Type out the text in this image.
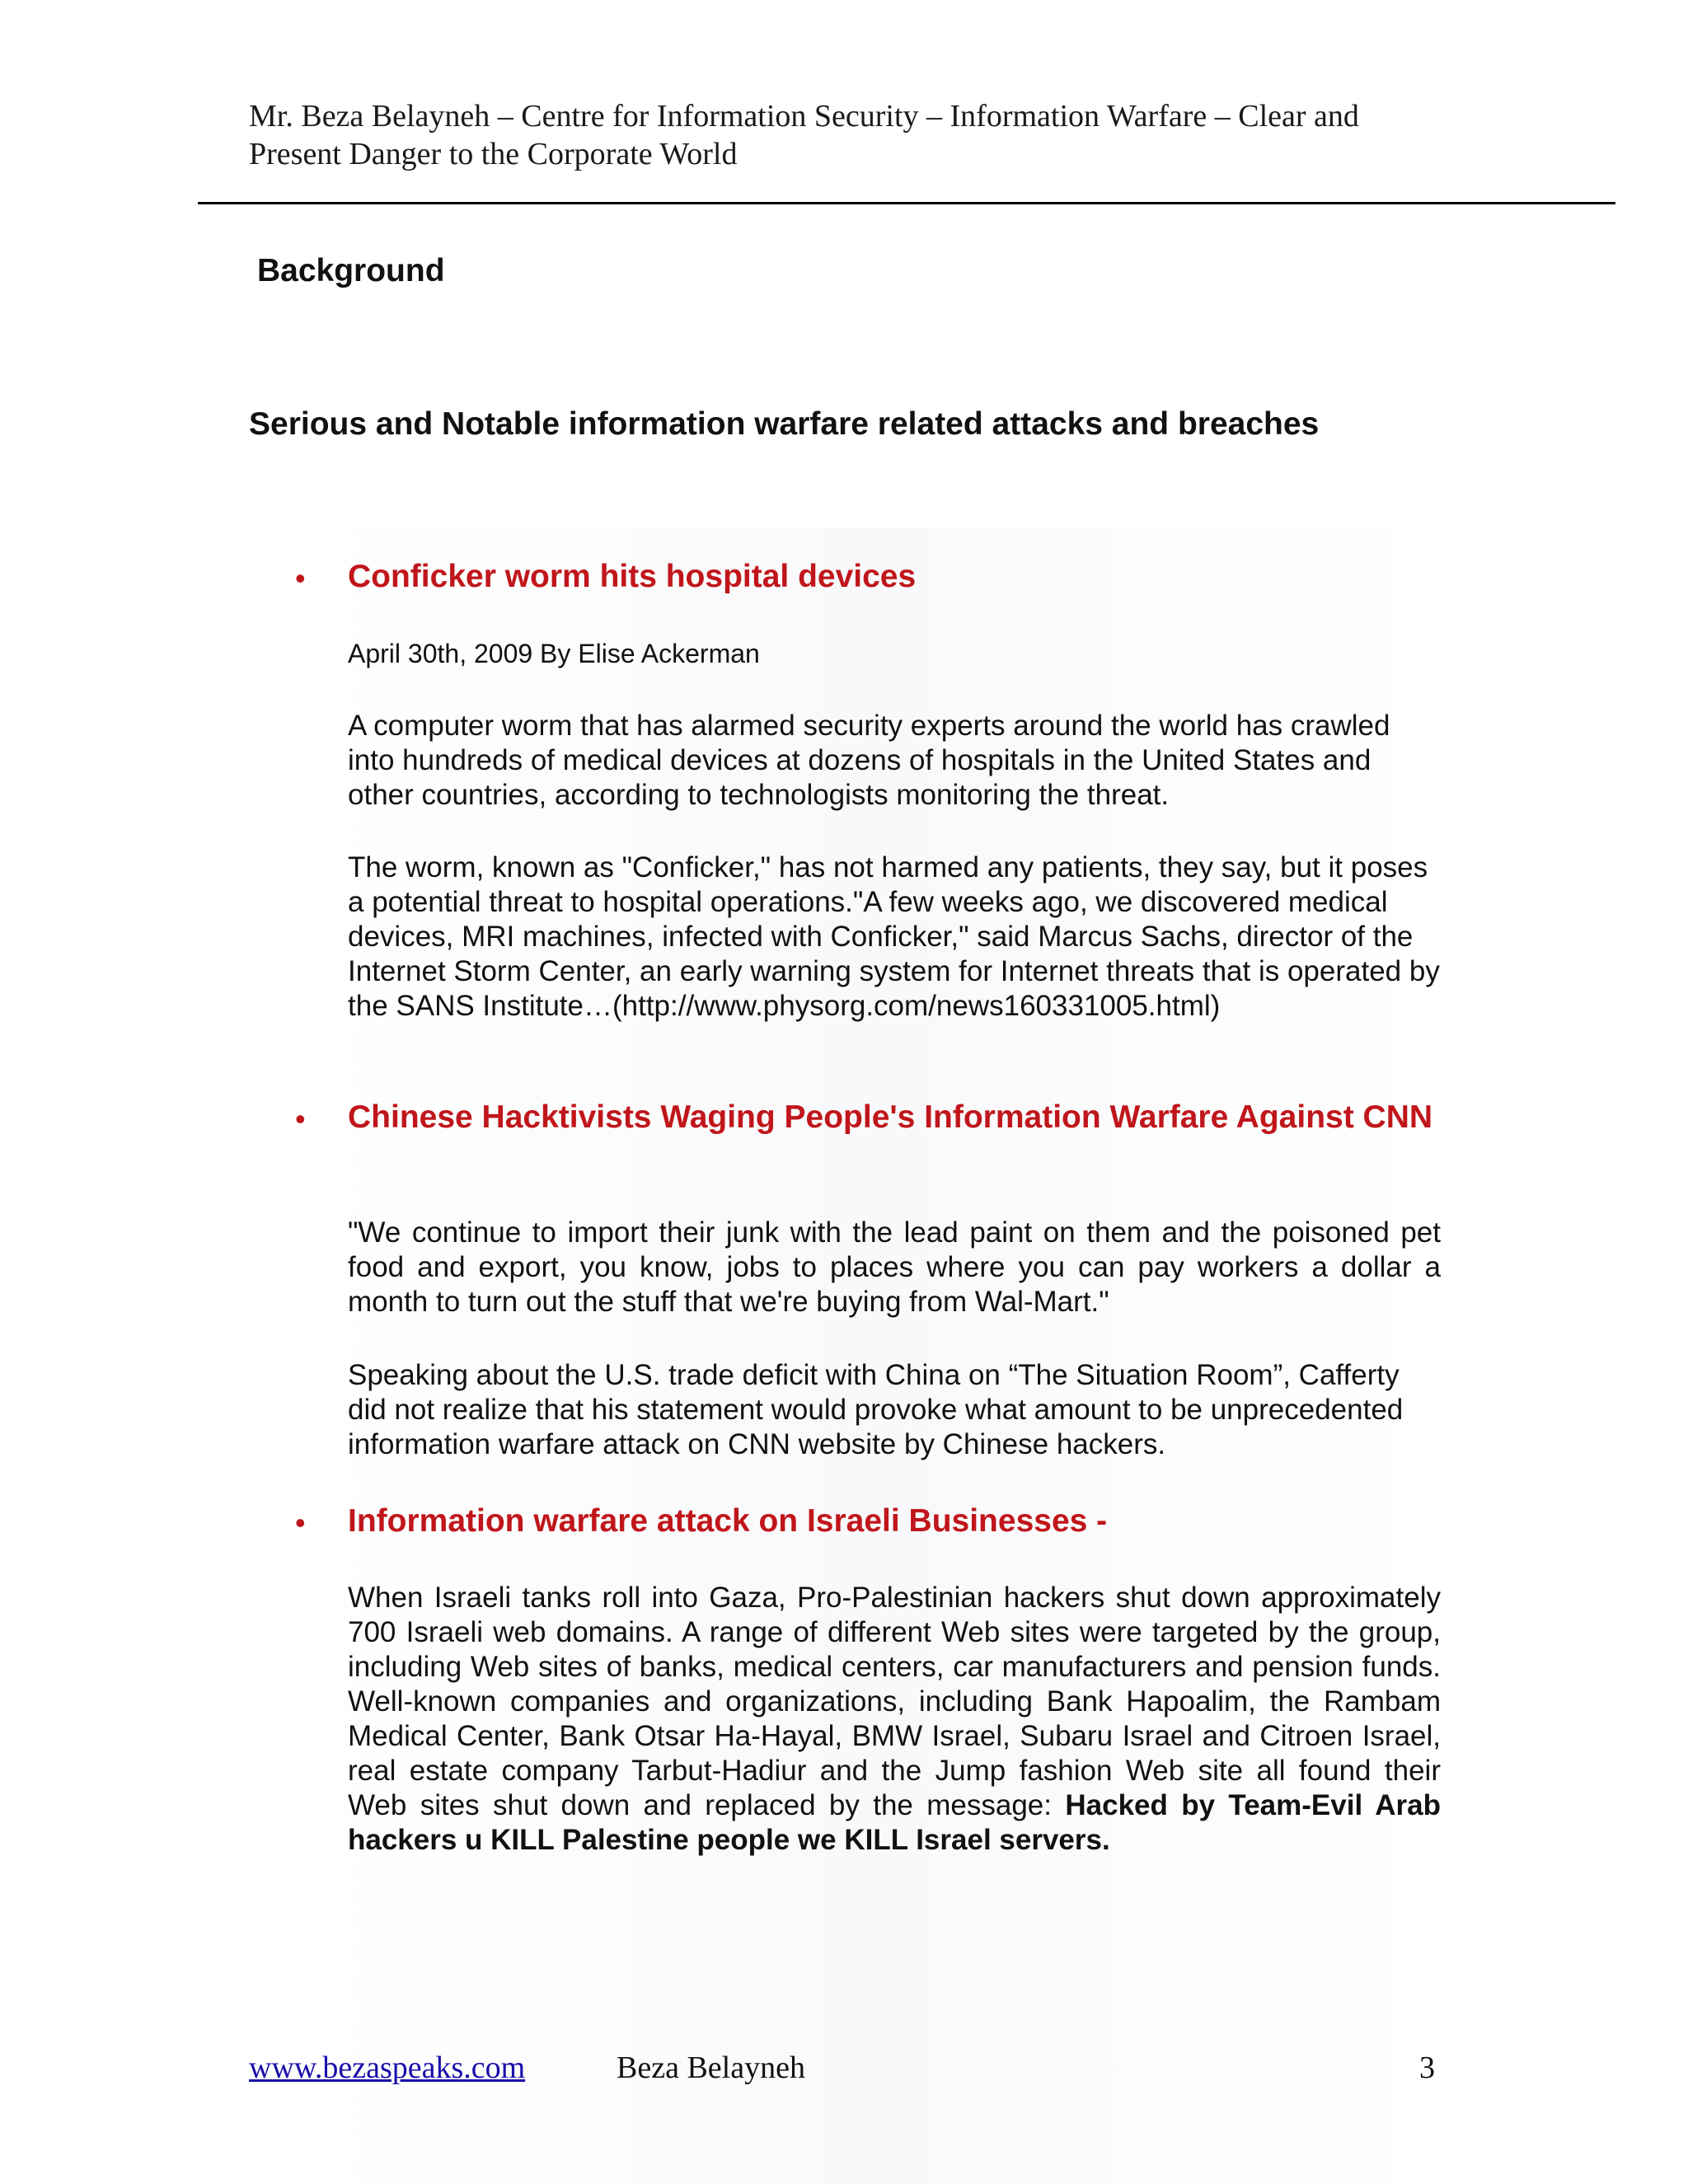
Mr. Beza Belayneh – Centre for Information Security – Information Warfare – Clear and
Present Danger to the Corporate World
Background
Serious and Notable information warfare related attacks and breaches
• Conficker worm hits hospital devices

April 30th, 2009 By Elise Ackerman

A computer worm that has alarmed security experts around the world has crawled into hundreds of medical devices at dozens of hospitals in the United States and other countries, according to technologists monitoring the threat.

The worm, known as "Conficker," has not harmed any patients, they say, but it poses a potential threat to hospital operations."A few weeks ago, we discovered medical devices, MRI machines, infected with Conficker," said Marcus Sachs, director of the Internet Storm Center, an early warning system for Internet threats that is operated by the SANS Institute…(http://www.physorg.com/news160331005.html)

• Chinese Hacktivists Waging People's Information Warfare Against CNN

"We continue to import their junk with the lead paint on them and the poisoned pet food and export, you know, jobs to places where you can pay workers a dollar a month to turn out the stuff that we're buying from Wal-Mart."

Speaking about the U.S. trade deficit with China on “The Situation Room”, Cafferty did not realize that his statement would provoke what amount to be unprecedented information warfare attack on CNN website by Chinese hackers.

• Information warfare attack on Israeli Businesses -

When Israeli tanks roll into Gaza, Pro-Palestinian hackers shut down approximately 700 Israeli web domains. A range of different Web sites were targeted by the group, including Web sites of banks, medical centers, car manufacturers and pension funds. Well-known companies and organizations, including Bank Hapoalim, the Rambam Medical Center, Bank Otsar Ha-Hayal, BMW Israel, Subaru Israel and Citroen Israel, real estate company Tarbut-Hadiur and the Jump fashion Web site all found their Web sites shut down and replaced by the message: Hacked by Team-Evil Arab hackers u KILL Palestine people we KILL Israel servers.

www.bezaspeaks.com	Beza Belayneh	3
